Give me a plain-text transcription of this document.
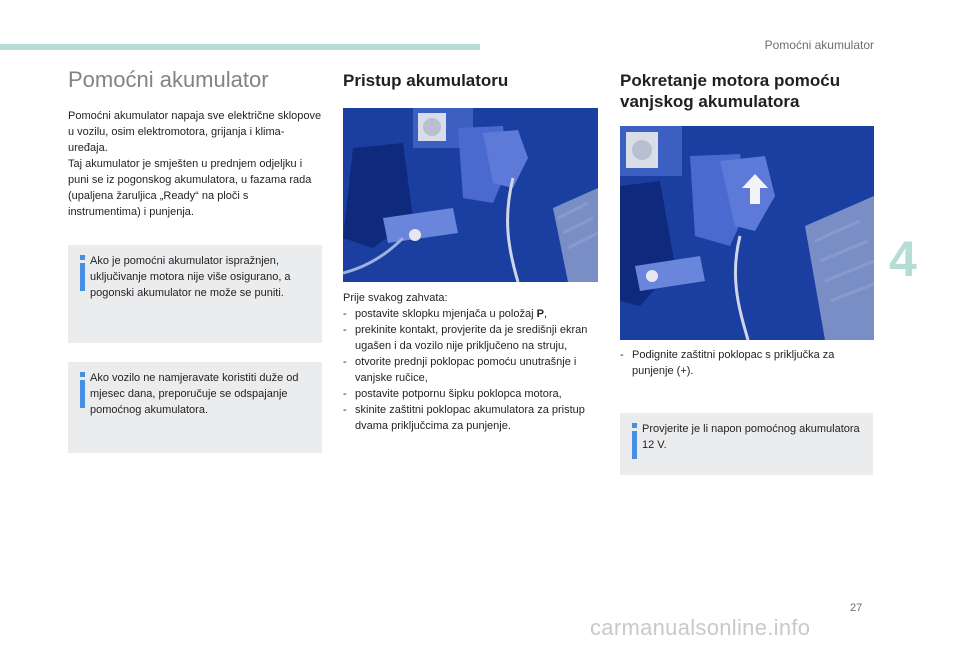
Pomoćni akumulator
4
Pomoćni akumulator

Pomoćni akumulator napaja sve električne sklopove u vozilu, osim elektromotora, grijanja i klima-uređaja.

Taj akumulator je smješten u prednjem odjeljku i puni se iz pogonskog akumulatora, u fazama rada (upaljena žaruljica „Ready“ na ploči s instrumentima) i punjenja.

Ako je pomoćni akumulator ispražnjen, uključivanje motora nije više osigurano, a pogonski akumulator ne može se puniti.
Ako vozilo ne namjeravate koristiti duže od mjesec dana, preporučuje se odspajanje pomoćnog akumulatora.
Pristup akumulatoru

Prije svakog zahvata:

- postavite sklopku mjenjača u položaj P,
- prekinite kontakt, provjerite da je središnji ekran ugašen i da vozilo nije priključeno na struju,
- otvorite prednji poklopac pomoću unutrašnje i vanjske ručice,
- postavite potpornu šipku poklopca motora,
- skinite zaštitni poklopac akumulatora za pristup dvama priključcima za punjenje.
Pokretanje motora pomoću
vanjskog akumulatora
- Podignite zaštitni poklopac s priključka za punjenje (+).
Provjerite je li napon pomoćnog akumulatora 12 V.
27
carmanualsonline.info
